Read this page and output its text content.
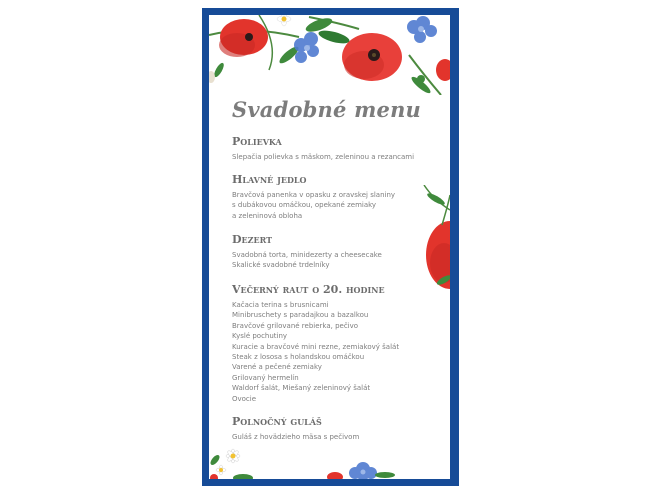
Svadobné menu
Polievka
Slepačia polievka s mäskom, zeleninou a rezancami
Hlavné jedlo
Bravčová panenka v opasku z oravskej slaniny
s dubákovou omáčkou, opekané zemiaky
a zeleninová obloha
Dezert
Svadobná torta, minidezerty a cheesecake
Skalické svadobné trdelníky
Večerný raut o 20. hodine
Kačacia terina s brusnicami
Minibruschety s paradajkou a bazalkou
Bravčové grilované rebierka, pečivo
Kyslé pochutiny
Kuracie a bravčové mini rezne, zemiakový šalát
Steak z lososa s holandskou omáčkou
Varené a pečené zemiaky
Grilovaný hermelín
Waldorf šalát, Miešaný zeleninový šalát
Ovocie
Polnočný guláš
Guláš z hovädzieho mäsa s pečivom
